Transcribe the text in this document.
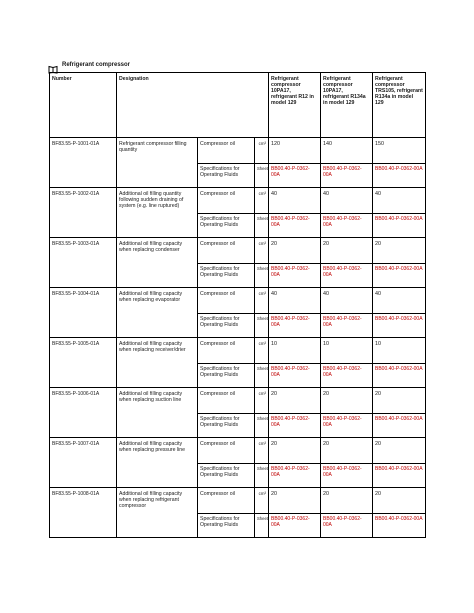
Refrigerant compressor
Number	Designation			Refrigerant compressor 10PA17, refrigerant R12 in model 129	Refrigerant compressor 10PA17, refrigerant R134a in model 129	Refrigerant compressor TRS105, refrigerant R134a in model 129
BF83.55-P-1001-01A	Refrigerant compressor filling quantity	Compressor oil	cm³	120	140	150
		Specifications for Operating Fluids	Sheet	BB00.40-P-0362-00A	BB00.40-P-0362-00A	BB00.40-P-0362-00A
BF83.55-P-1002-01A	Additional oil filling quantity following sudden draining of system (e.g. line ruptured)	Compressor oil	cm³	40	40	40
		Specifications for Operating Fluids	Sheet	BB00.40-P-0362-00A	BB00.40-P-0362-00A	BB00.40-P-0362-00A
BF83.55-P-1003-01A	Additional oil filling capacity when replacing condenser	Compressor oil	cm³	20	20	20
		Specifications for Operating Fluids	Sheet	BB00.40-P-0362-00A	BB00.40-P-0362-00A	BB00.40-P-0362-00A
BF83.55-P-1004-01A	Additional oil filling capacity when replacing evaporator	Compressor oil	cm³	40	40	40
		Specifications for Operating Fluids	Sheet	BB00.40-P-0362-00A	BB00.40-P-0362-00A	BB00.40-P-0362-00A
BF83.55-P-1005-01A	Additional oil filling capacity when replacing receiver/drier	Compressor oil	cm³	10	10	10
		Specifications for Operating Fluids	Sheet	BB00.40-P-0362-00A	BB00.40-P-0362-00A	BB00.40-P-0362-00A
BF83.55-P-1006-01A	Additional oil filling capacity when replacing suction line	Compressor oil	cm³	20	20	20
		Specifications for Operating Fluids	Sheet	BB00.40-P-0362-00A	BB00.40-P-0362-00A	BB00.40-P-0362-00A
BF83.55-P-1007-01A	Additional oil filling capacity when replacing pressure line	Compressor oil	cm³	20	20	20
		Specifications for Operating Fluids	Sheet	BB00.40-P-0362-00A	BB00.40-P-0362-00A	BB00.40-P-0362-00A
BF83.55-P-1008-01A	Additional oil filling capacity when replacing refrigerant compressor	Compressor oil	cm³	20	20	20
		Specifications for Operating Fluids	Sheet	BB00.40-P-0362-00A	BB00.40-P-0362-00A	BB00.40-P-0362-00A
